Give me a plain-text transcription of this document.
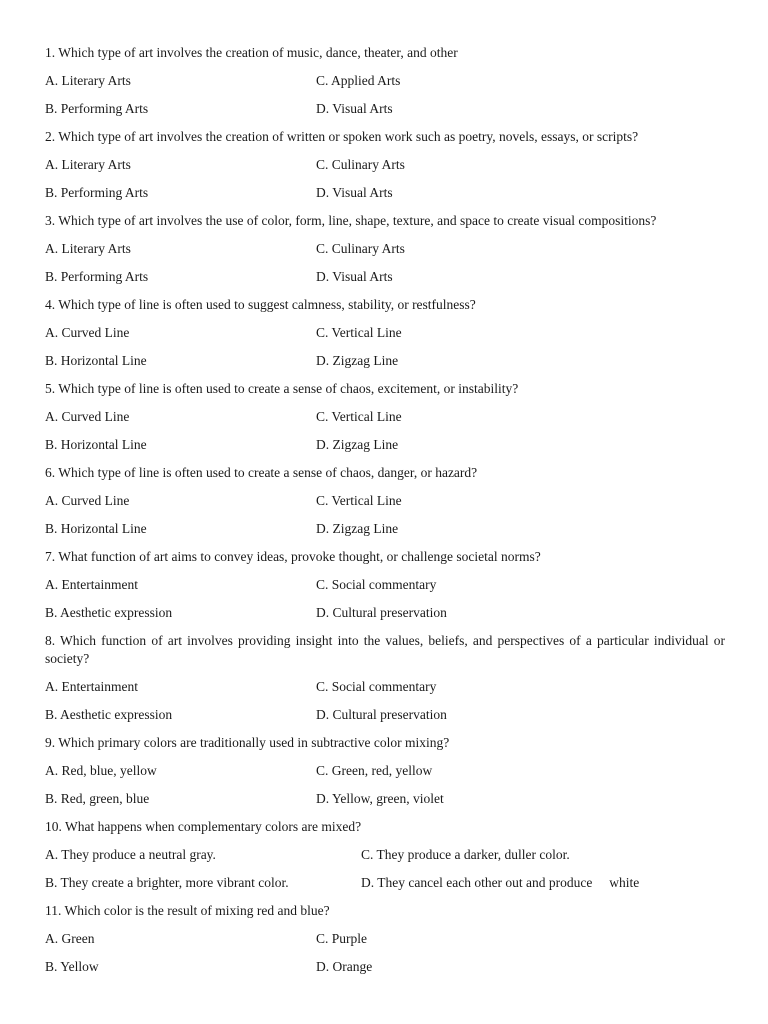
1. Which type of art involves the creation of music, dance, theater, and other
A. Literary Arts	C. Applied Arts
B. Performing Arts	D. Visual Arts
2. Which type of art involves the creation of written or spoken work such as poetry, novels, essays, or scripts?
A. Literary Arts	C. Culinary Arts
B. Performing Arts	D. Visual Arts
3. Which type of art involves the use of color, form, line, shape, texture, and space to create visual compositions?
A. Literary Arts	C. Culinary Arts
B. Performing Arts	D. Visual Arts
4. Which type of line is often used to suggest calmness, stability, or restfulness?
A. Curved Line	C. Vertical Line
B. Horizontal Line	D. Zigzag Line
5. Which type of line is often used to create a sense of chaos, excitement, or instability?
A. Curved Line	C. Vertical Line
B. Horizontal Line	D. Zigzag Line
6. Which type of line is often used to create a sense of chaos, danger, or hazard?
A. Curved Line	C. Vertical Line
B. Horizontal Line	D. Zigzag Line
7. What function of art aims to convey ideas, provoke thought, or challenge societal norms?
A. Entertainment	C. Social commentary
B. Aesthetic expression	D. Cultural preservation
8. Which function of art involves providing insight into the values, beliefs, and perspectives of a particular individual or society?
A. Entertainment	C. Social commentary
B. Aesthetic expression	D. Cultural preservation
9. Which primary colors are traditionally used in subtractive color mixing?
A. Red, blue, yellow	C. Green, red, yellow
B. Red, green, blue	D. Yellow, green, violet
10. What happens when complementary colors are mixed?
A. They produce a neutral gray.	C. They produce a darker, duller color.
B. They create a brighter, more vibrant color.	D. They cancel each other out and produce     white
11. Which color is the result of mixing red and blue?
A. Green	C. Purple
B. Yellow	D. Orange
